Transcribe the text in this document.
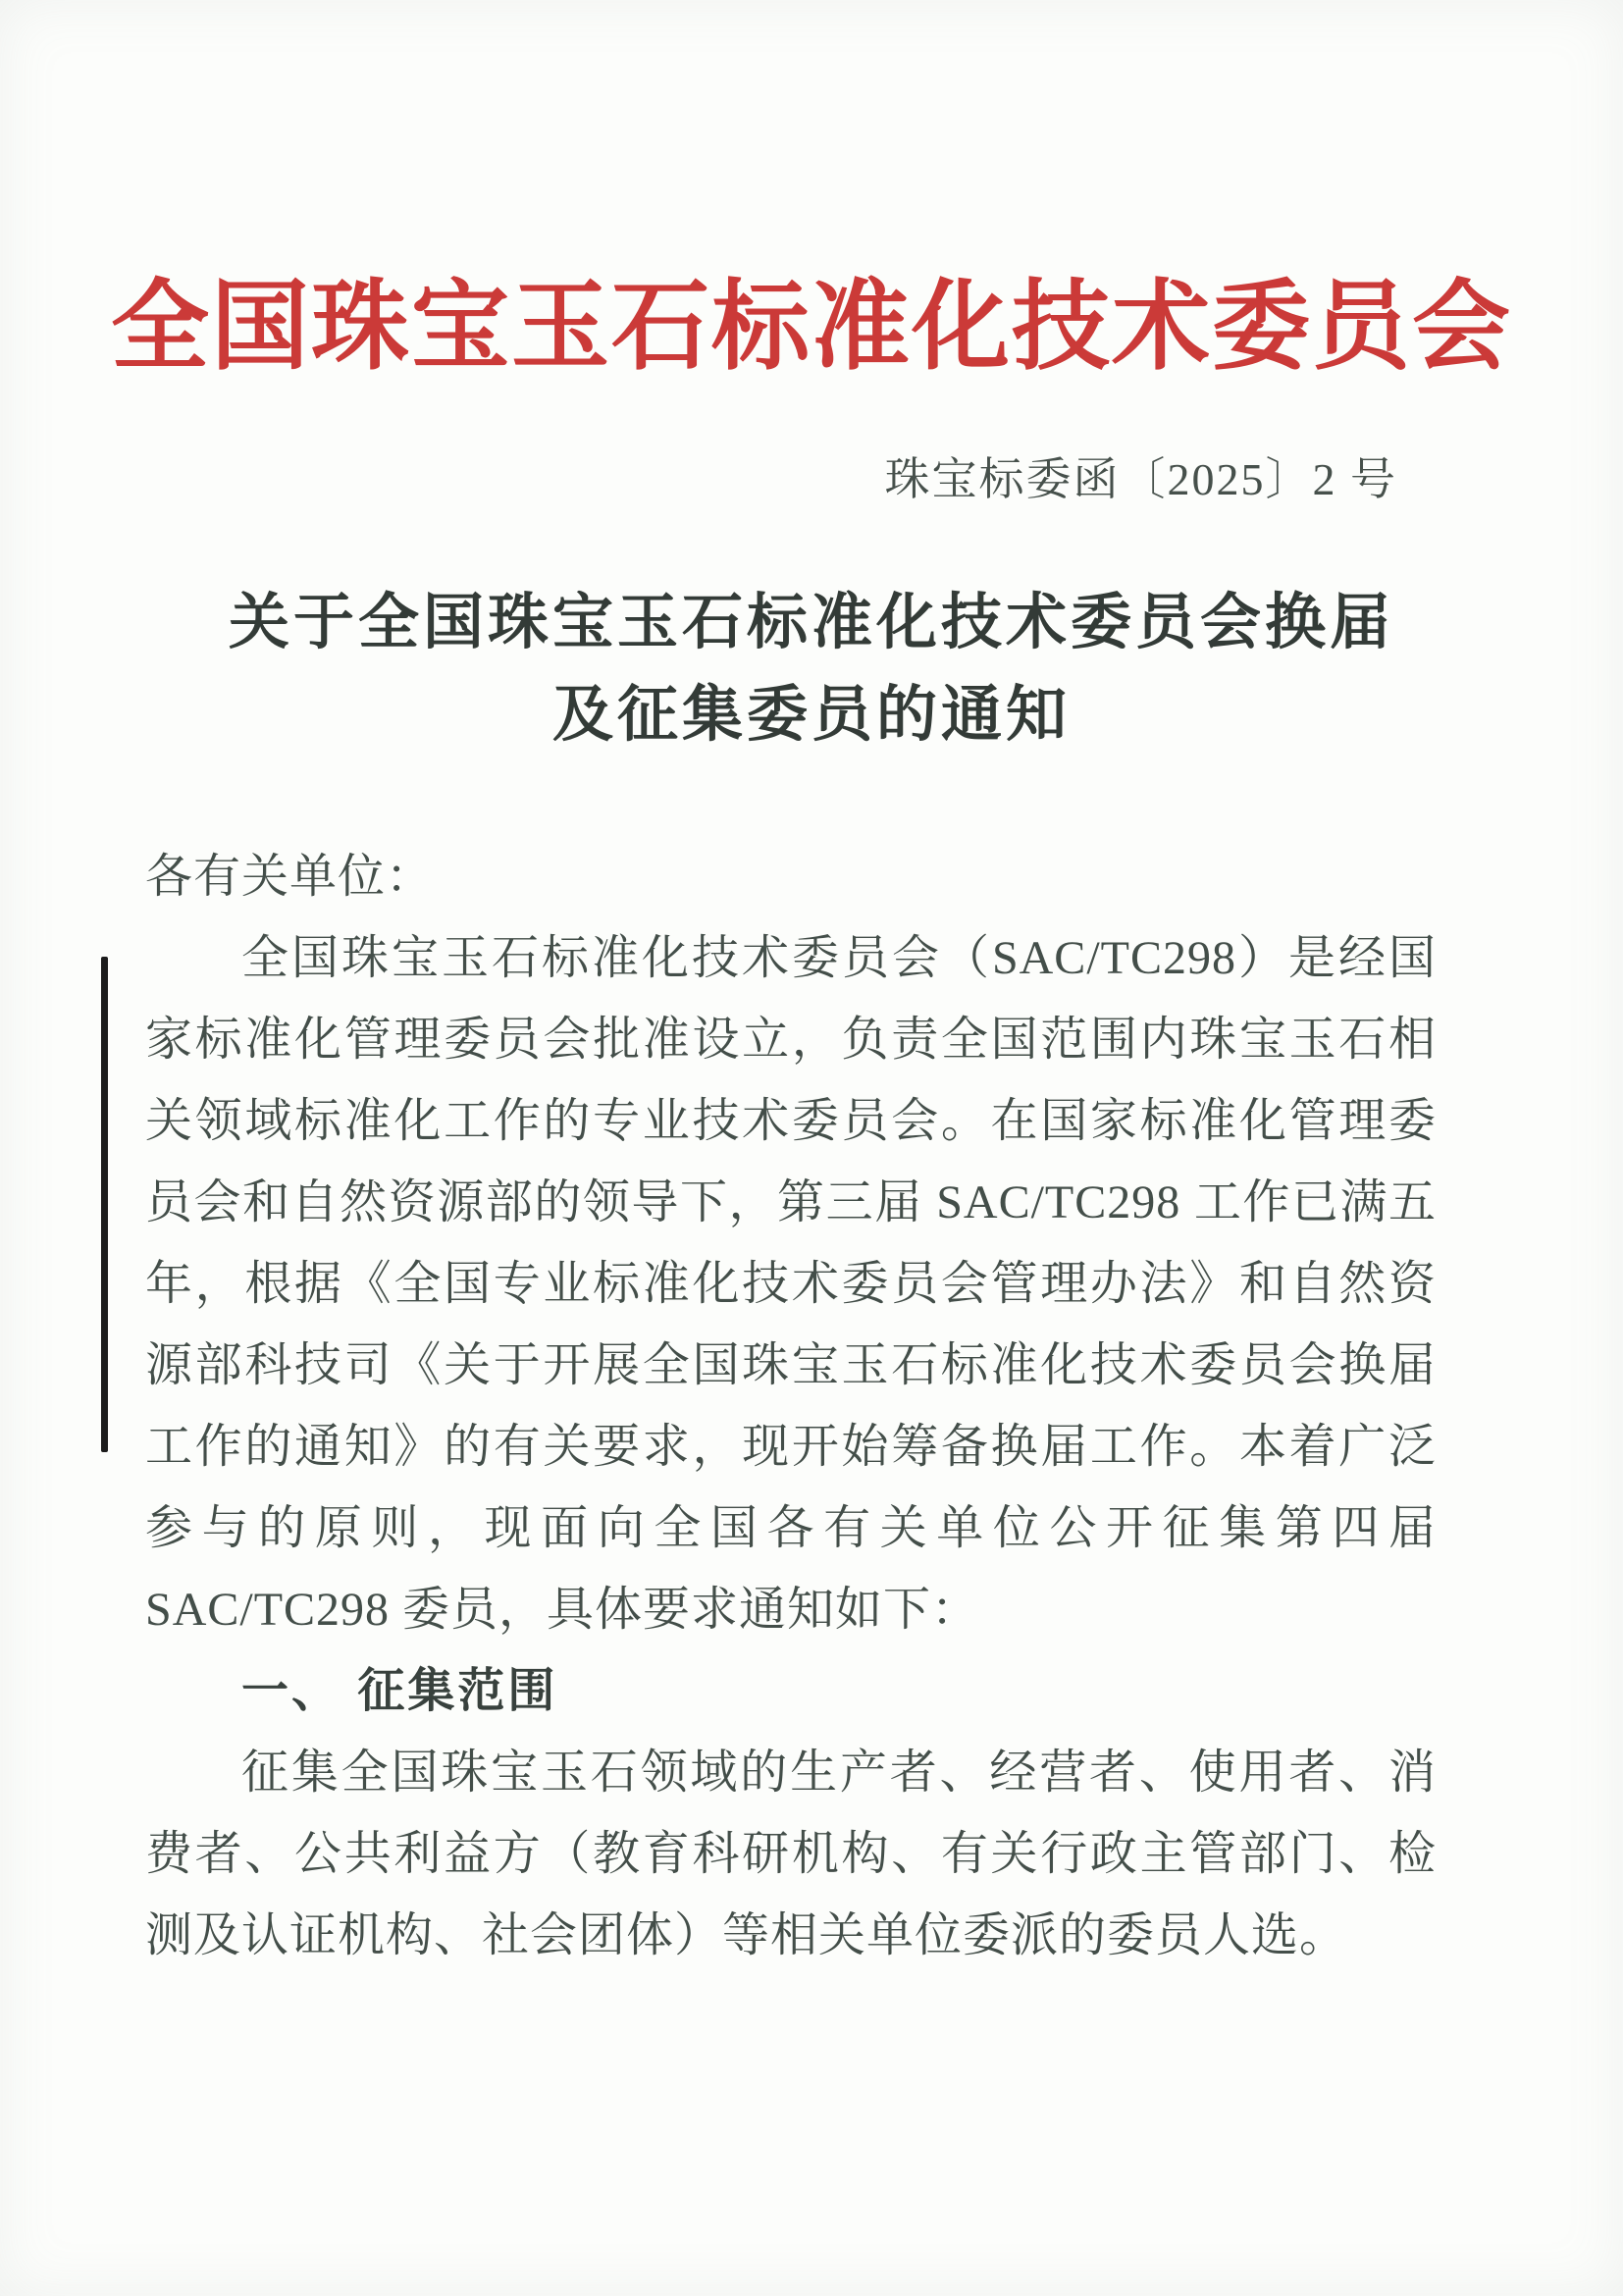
全国珠宝玉石标准化技术委员会
珠宝标委函〔2025〕2 号
关于全国珠宝玉石标准化技术委员会换届
及征集委员的通知

各有关单位：

全国珠宝玉石标准化技术委员会（SAC/TC298）是经国家标准化管理委员会批准设立，负责全国范围内珠宝玉石相关领域标准化工作的专业技术委员会。在国家标准化管理委员会和自然资源部的领导下，第三届 SAC/TC298 工作已满五年，根据《全国专业标准化技术委员会管理办法》和自然资源部科技司《关于开展全国珠宝玉石标准化技术委员会换届工作的通知》的有关要求，现开始筹备换届工作。本着广泛参与的原则，现面向全国各有关单位公开征集第四届 SAC/TC298 委员，具体要求通知如下：

一、 征集范围

征集全国珠宝玉石领域的生产者、经营者、使用者、消费者、公共利益方（教育科研机构、有关行政主管部门、检测及认证机构、社会团体）等相关单位委派的委员人选。
